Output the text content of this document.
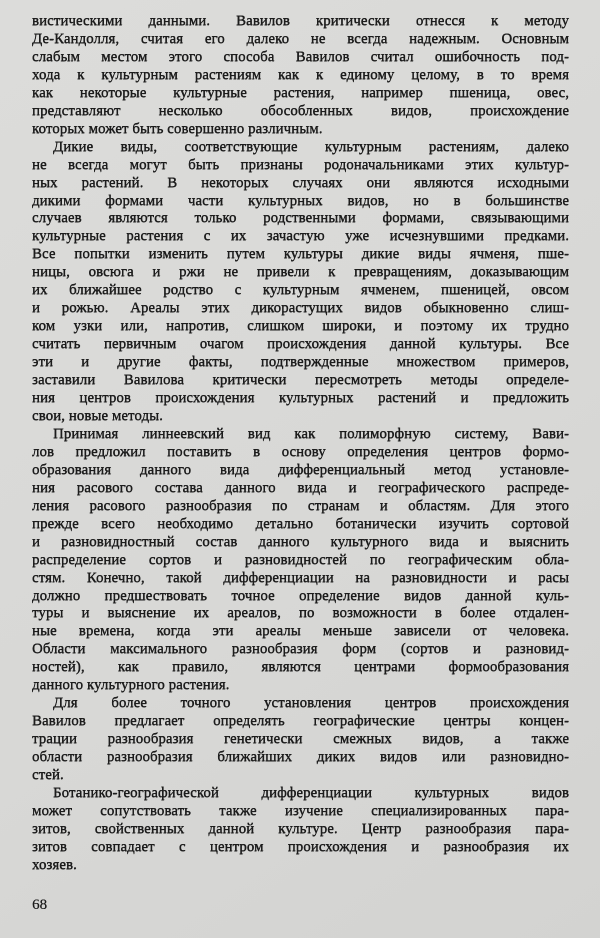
вистическими данными. Вавилов критически отнесся к методу
Де-Кандолля, считая его далеко не всегда надежным. Основным
слабым местом этого способа Вавилов считал ошибочность под-
хода к культурным растениям как к единому целому, в то время
как некоторые культурные растения, например пшеница, овес,
представляют несколько обособленных видов, происхождение
которых может быть совершенно различным.
Дикие виды, соответствующие культурным растениям, далеко
не всегда могут быть признаны родоначальниками этих культур-
ных растений. В некоторых случаях они являются исходными
дикими формами части культурных видов, но в большинстве
случаев являются только родственными формами, связывающими
культурные растения с их зачастую уже исчезнувшими предками.
Все попытки изменить путем культуры дикие виды ячменя, пше-
ницы, овсюга и ржи не привели к превращениям, доказывающим
их ближайшее родство с культурным ячменем, пшеницей, овсом
и рожью. Ареалы этих дикорастущих видов обыкновенно слиш-
ком узки или, напротив, слишком широки, и поэтому их трудно
считать первичным очагом происхождения данной культуры. Все
эти и другие факты, подтвержденные множеством примеров,
заставили Вавилова критически пересмотреть методы определе-
ния центров происхождения культурных растений и предложить
свои, новые методы.
Принимая линнеевский вид как полиморфную систему, Вави-
лов предложил поставить в основу определения центров формо-
образования данного вида дифференциальный метод установле-
ния расового состава данного вида и географического распреде-
ления расового разнообразия по странам и областям. Для этого
прежде всего необходимо детально ботанически изучить сортовой
и разновидностный состав данного культурного вида и выяснить
распределение сортов и разновидностей по географическим обла-
стям. Конечно, такой дифференциации на разновидности и расы
должно предшествовать точное определение видов данной куль-
туры и выяснение их ареалов, по возможности в более отдален-
ные времена, когда эти ареалы меньше зависели от человека.
Области максимального разнообразия форм (сортов и разновид-
ностей), как правило, являются центрами формообразования
данного культурного растения.
Для более точного установления центров происхождения
Вавилов предлагает определять географические центры концен-
трации разнообразия генетически смежных видов, а также
области разнообразия ближайших диких видов или разновидно-
стей.
Ботанико-географической дифференциации культурных видов
может сопутствовать также изучение специализированных пара-
зитов, свойственных данной культуре. Центр разнообразия пара-
зитов совпадает с центром происхождения и разнообразия их
хозяев.
68
